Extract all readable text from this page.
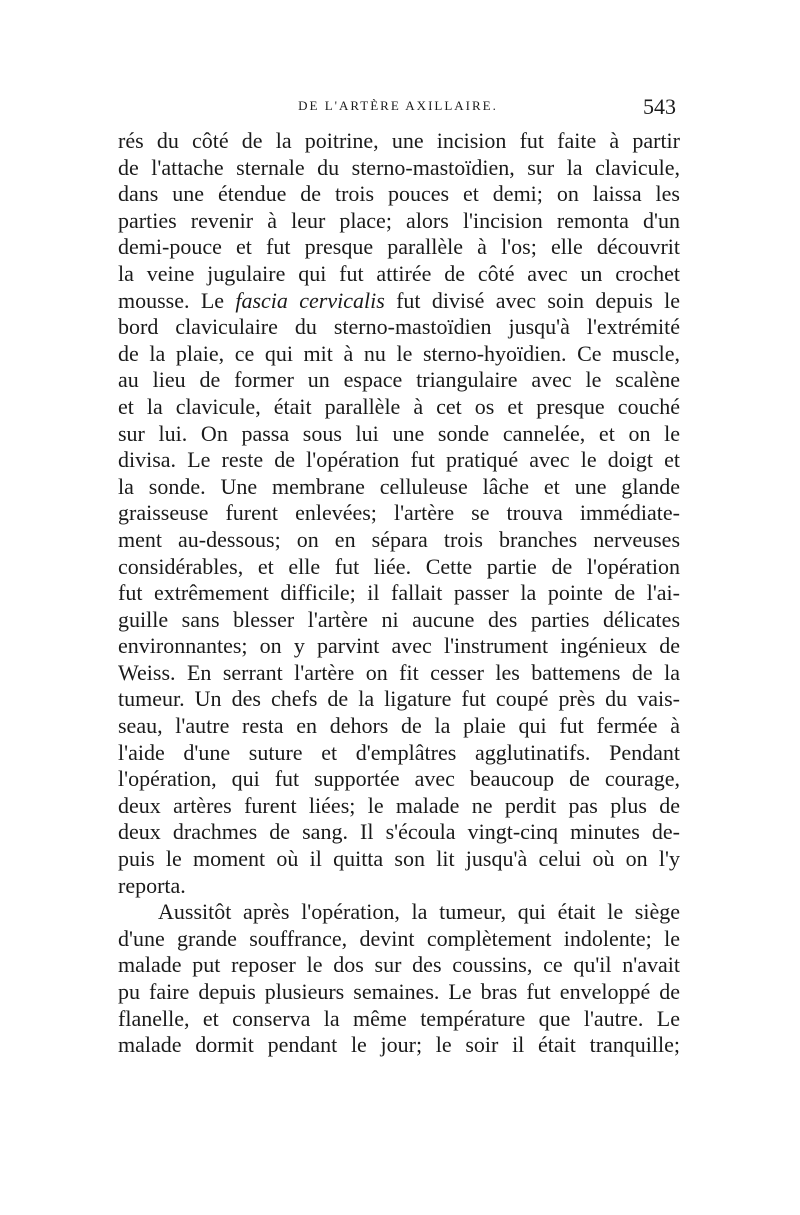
DE L'ARTÈRE AXILLAIRE.	543
rés du côté de la poitrine, une incision fut faite à partir
de l'attache sternale du sterno-mastoïdien, sur la clavicule,
dans une étendue de trois pouces et demi; on laissa les
parties revenir à leur place; alors l'incision remonta d'un
demi-pouce et fut presque parallèle à l'os; elle découvrit
la veine jugulaire qui fut attirée de côté avec un crochet
mousse. Le fascia cervicalis fut divisé avec soin depuis le
bord claviculaire du sterno-mastoïdien jusqu'à l'extrémité
de la plaie, ce qui mit à nu le sterno-hyoïdien. Ce muscle,
au lieu de former un espace triangulaire avec le scalène
et la clavicule, était parallèle à cet os et presque couché
sur lui. On passa sous lui une sonde cannelée, et on le
divisa. Le reste de l'opération fut pratiqué avec le doigt et
la sonde. Une membrane celluleuse lâche et une glande
graisseuse furent enlevées; l'artère se trouva immédiate-
ment au-dessous; on en sépara trois branches nerveuses
considérables, et elle fut liée. Cette partie de l'opération
fut extrêmement difficile; il fallait passer la pointe de l'ai-
guille sans blesser l'artère ni aucune des parties délicates
environnantes; on y parvint avec l'instrument ingénieux de
Weiss. En serrant l'artère on fit cesser les battemens de la
tumeur. Un des chefs de la ligature fut coupé près du vais-
seau, l'autre resta en dehors de la plaie qui fut fermée à
l'aide d'une suture et d'emplâtres agglutinatifs. Pendant
l'opération, qui fut supportée avec beaucoup de courage,
deux artères furent liées; le malade ne perdit pas plus de
deux drachmes de sang. Il s'écoula vingt-cinq minutes de-
puis le moment où il quitta son lit jusqu'à celui où on l'y
reporta.
Aussitôt après l'opération, la tumeur, qui était le siège
d'une grande souffrance, devint complètement indolente; le
malade put reposer le dos sur des coussins, ce qu'il n'avait
pu faire depuis plusieurs semaines. Le bras fut enveloppé de
flanelle, et conserva la même température que l'autre. Le
malade dormit pendant le jour; le soir il était tranquille;
